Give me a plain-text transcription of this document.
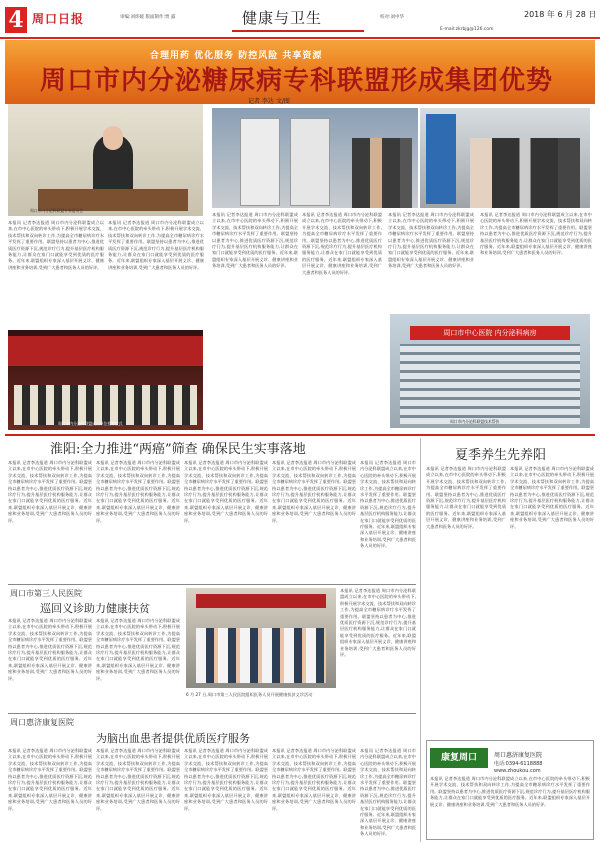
4 周口日报	审编:刘炜媛 版面制作:贾 露	健康与卫生	校对:刘中华
E-mail:zkrbjg@126.com
2018 年 6 月 28 日
合理用药 优化服务 防控风险 共享资源
周口市内分泌糖尿病专科联盟形成集团优势
记者 李达 文/图
周口市内分泌科联盟专家委员会
本报讯 记者李达报道 周口市内分泌科联盟成立以来,在市中心医院的牵头带动下,积极开展学术交流、技术帮扶和双向转诊工作,为提高全市糖尿病诊疗水平发挥了重要作用。联盟坚持以患者为中心,推进优质医疗资源下沉,规范诊疗行为,提升基层医疗机构服务能力,让群众在家门口就能享受到优质的医疗服务。近年来,联盟组织专家深入基层开展义诊、健康讲座和业务培训,受到广大患者和医务人员的好评。
本报讯 记者李达报道 周口市内分泌科联盟成立以来,在市中心医院的牵头带动下,积极开展学术交流、技术帮扶和双向转诊工作,为提高全市糖尿病诊疗水平发挥了重要作用。联盟坚持以患者为中心,推进优质医疗资源下沉,规范诊疗行为,提升基层医疗机构服务能力,让群众在家门口就能享受到优质的医疗服务。近年来,联盟组织专家深入基层开展义诊、健康讲座和业务培训,受到广大患者和医务人员的好评。
本报讯 记者李达报道 周口市内分泌科联盟成立以来,在市中心医院的牵头带动下,积极开展学术交流、技术帮扶和双向转诊工作,为提高全市糖尿病诊疗水平发挥了重要作用。联盟坚持以患者为中心,推进优质医疗资源下沉,规范诊疗行为,提升基层医疗机构服务能力,让群众在家门口就能享受到优质的医疗服务。近年来,联盟组织专家深入基层开展义诊、健康讲座和业务培训,受到广大患者和医务人员的好评。
本报讯 记者李达报道 周口市内分泌科联盟成立以来,在市中心医院的牵头带动下,积极开展学术交流、技术帮扶和双向转诊工作,为提高全市糖尿病诊疗水平发挥了重要作用。联盟坚持以患者为中心,推进优质医疗资源下沉,规范诊疗行为,提升基层医疗机构服务能力,让群众在家门口就能享受到优质的医疗服务。近年来,联盟组织专家深入基层开展义诊、健康讲座和业务培训,受到广大患者和医务人员的好评。
本报讯 记者李达报道 周口市内分泌科联盟成立以来,在市中心医院的牵头带动下,积极开展学术交流、技术帮扶和双向转诊工作,为提高全市糖尿病诊疗水平发挥了重要作用。联盟坚持以患者为中心,推进优质医疗资源下沉,规范诊疗行为,提升基层医疗机构服务能力,让群众在家门口就能享受到优质的医疗服务。近年来,联盟组织专家深入基层开展义诊、健康讲座和业务培训,受到广大患者和医务人员的好评。
本报讯 记者李达报道 周口市内分泌科联盟成立以来,在市中心医院的牵头带动下,积极开展学术交流、技术帮扶和双向转诊工作,为提高全市糖尿病诊疗水平发挥了重要作用。联盟坚持以患者为中心,推进优质医疗资源下沉,规范诊疗行为,提升基层医疗机构服务能力,让群众在家门口就能享受到优质的医疗服务。近年来,联盟组织专家深入基层开展义诊、健康讲座和业务培训,受到广大患者和医务人员的好评。
周口市内分泌科联盟成员单位授牌仪式
周口市中心医院 内分泌科病房
周口市内分泌科联盟技术帮扶
淮阳:全力推进“两癌”筛查 确保民生实事落地
本报讯 记者李达报道 周口市内分泌科联盟成立以来,在市中心医院的牵头带动下,积极开展学术交流、技术帮扶和双向转诊工作,为提高全市糖尿病诊疗水平发挥了重要作用。联盟坚持以患者为中心,推进优质医疗资源下沉,规范诊疗行为,提升基层医疗机构服务能力,让群众在家门口就能享受到优质的医疗服务。近年来,联盟组织专家深入基层开展义诊、健康讲座和业务培训,受到广大患者和医务人员的好评。
本报讯 记者李达报道 周口市内分泌科联盟成立以来,在市中心医院的牵头带动下,积极开展学术交流、技术帮扶和双向转诊工作,为提高全市糖尿病诊疗水平发挥了重要作用。联盟坚持以患者为中心,推进优质医疗资源下沉,规范诊疗行为,提升基层医疗机构服务能力,让群众在家门口就能享受到优质的医疗服务。近年来,联盟组织专家深入基层开展义诊、健康讲座和业务培训,受到广大患者和医务人员的好评。
本报讯 记者李达报道 周口市内分泌科联盟成立以来,在市中心医院的牵头带动下,积极开展学术交流、技术帮扶和双向转诊工作,为提高全市糖尿病诊疗水平发挥了重要作用。联盟坚持以患者为中心,推进优质医疗资源下沉,规范诊疗行为,提升基层医疗机构服务能力,让群众在家门口就能享受到优质的医疗服务。近年来,联盟组织专家深入基层开展义诊、健康讲座和业务培训,受到广大患者和医务人员的好评。
本报讯 记者李达报道 周口市内分泌科联盟成立以来,在市中心医院的牵头带动下,积极开展学术交流、技术帮扶和双向转诊工作,为提高全市糖尿病诊疗水平发挥了重要作用。联盟坚持以患者为中心,推进优质医疗资源下沉,规范诊疗行为,提升基层医疗机构服务能力,让群众在家门口就能享受到优质的医疗服务。近年来,联盟组织专家深入基层开展义诊、健康讲座和业务培训,受到广大患者和医务人员的好评。
本报讯 记者李达报道 周口市内分泌科联盟成立以来,在市中心医院的牵头带动下,积极开展学术交流、技术帮扶和双向转诊工作,为提高全市糖尿病诊疗水平发挥了重要作用。联盟坚持以患者为中心,推进优质医疗资源下沉,规范诊疗行为,提升基层医疗机构服务能力,让群众在家门口就能享受到优质的医疗服务。近年来,联盟组织专家深入基层开展义诊、健康讲座和业务培训,受到广大患者和医务人员的好评。
夏季养生先养阳
本报讯 记者李达报道 周口市内分泌科联盟成立以来,在市中心医院的牵头带动下,积极开展学术交流、技术帮扶和双向转诊工作,为提高全市糖尿病诊疗水平发挥了重要作用。联盟坚持以患者为中心,推进优质医疗资源下沉,规范诊疗行为,提升基层医疗机构服务能力,让群众在家门口就能享受到优质的医疗服务。近年来,联盟组织专家深入基层开展义诊、健康讲座和业务培训,受到广大患者和医务人员的好评。
本报讯 记者李达报道 周口市内分泌科联盟成立以来,在市中心医院的牵头带动下,积极开展学术交流、技术帮扶和双向转诊工作,为提高全市糖尿病诊疗水平发挥了重要作用。联盟坚持以患者为中心,推进优质医疗资源下沉,规范诊疗行为,提升基层医疗机构服务能力,让群众在家门口就能享受到优质的医疗服务。近年来,联盟组织专家深入基层开展义诊、健康讲座和业务培训,受到广大患者和医务人员的好评。
周口市第三人民医院
巡回义诊助力健康扶贫
本报讯 记者李达报道 周口市内分泌科联盟成立以来,在市中心医院的牵头带动下,积极开展学术交流、技术帮扶和双向转诊工作,为提高全市糖尿病诊疗水平发挥了重要作用。联盟坚持以患者为中心,推进优质医疗资源下沉,规范诊疗行为,提升基层医疗机构服务能力,让群众在家门口就能享受到优质的医疗服务。近年来,联盟组织专家深入基层开展义诊、健康讲座和业务培训,受到广大患者和医务人员的好评。
本报讯 记者李达报道 周口市内分泌科联盟成立以来,在市中心医院的牵头带动下,积极开展学术交流、技术帮扶和双向转诊工作,为提高全市糖尿病诊疗水平发挥了重要作用。联盟坚持以患者为中心,推进优质医疗资源下沉,规范诊疗行为,提升基层医疗机构服务能力,让群众在家门口就能享受到优质的医疗服务。近年来,联盟组织专家深入基层开展义诊、健康讲座和业务培训,受到广大患者和医务人员的好评。
6 月 27 日,周口市第三人民医院组织医务人员开展健康扶贫义诊活动
本报讯 记者李达报道 周口市内分泌科联盟成立以来,在市中心医院的牵头带动下,积极开展学术交流、技术帮扶和双向转诊工作,为提高全市糖尿病诊疗水平发挥了重要作用。联盟坚持以患者为中心,推进优质医疗资源下沉,规范诊疗行为,提升基层医疗机构服务能力,让群众在家门口就能享受到优质的医疗服务。近年来,联盟组织专家深入基层开展义诊、健康讲座和业务培训,受到广大患者和医务人员的好评。
周口惠济康复医院
为脑出血患者提供优质医疗服务
本报讯 记者李达报道 周口市内分泌科联盟成立以来,在市中心医院的牵头带动下,积极开展学术交流、技术帮扶和双向转诊工作,为提高全市糖尿病诊疗水平发挥了重要作用。联盟坚持以患者为中心,推进优质医疗资源下沉,规范诊疗行为,提升基层医疗机构服务能力,让群众在家门口就能享受到优质的医疗服务。近年来,联盟组织专家深入基层开展义诊、健康讲座和业务培训,受到广大患者和医务人员的好评。
本报讯 记者李达报道 周口市内分泌科联盟成立以来,在市中心医院的牵头带动下,积极开展学术交流、技术帮扶和双向转诊工作,为提高全市糖尿病诊疗水平发挥了重要作用。联盟坚持以患者为中心,推进优质医疗资源下沉,规范诊疗行为,提升基层医疗机构服务能力,让群众在家门口就能享受到优质的医疗服务。近年来,联盟组织专家深入基层开展义诊、健康讲座和业务培训,受到广大患者和医务人员的好评。
本报讯 记者李达报道 周口市内分泌科联盟成立以来,在市中心医院的牵头带动下,积极开展学术交流、技术帮扶和双向转诊工作,为提高全市糖尿病诊疗水平发挥了重要作用。联盟坚持以患者为中心,推进优质医疗资源下沉,规范诊疗行为,提升基层医疗机构服务能力,让群众在家门口就能享受到优质的医疗服务。近年来,联盟组织专家深入基层开展义诊、健康讲座和业务培训,受到广大患者和医务人员的好评。
本报讯 记者李达报道 周口市内分泌科联盟成立以来,在市中心医院的牵头带动下,积极开展学术交流、技术帮扶和双向转诊工作,为提高全市糖尿病诊疗水平发挥了重要作用。联盟坚持以患者为中心,推进优质医疗资源下沉,规范诊疗行为,提升基层医疗机构服务能力,让群众在家门口就能享受到优质的医疗服务。近年来,联盟组织专家深入基层开展义诊、健康讲座和业务培训,受到广大患者和医务人员的好评。
本报讯 记者李达报道 周口市内分泌科联盟成立以来,在市中心医院的牵头带动下,积极开展学术交流、技术帮扶和双向转诊工作,为提高全市糖尿病诊疗水平发挥了重要作用。联盟坚持以患者为中心,推进优质医疗资源下沉,规范诊疗行为,提升基层医疗机构服务能力,让群众在家门口就能享受到优质的医疗服务。近年来,联盟组织专家深入基层开展义诊、健康讲座和业务培训,受到广大患者和医务人员的好评。
康复周口	周口惠济康复医院
电话:0394-6118888
www.zhoukou.com
本报讯 记者李达报道 周口市内分泌科联盟成立以来,在市中心医院的牵头带动下,积极开展学术交流、技术帮扶和双向转诊工作,为提高全市糖尿病诊疗水平发挥了重要作用。联盟坚持以患者为中心,推进优质医疗资源下沉,规范诊疗行为,提升基层医疗机构服务能力,让群众在家门口就能享受到优质的医疗服务。近年来,联盟组织专家深入基层开展义诊、健康讲座和业务培训,受到广大患者和医务人员的好评。
